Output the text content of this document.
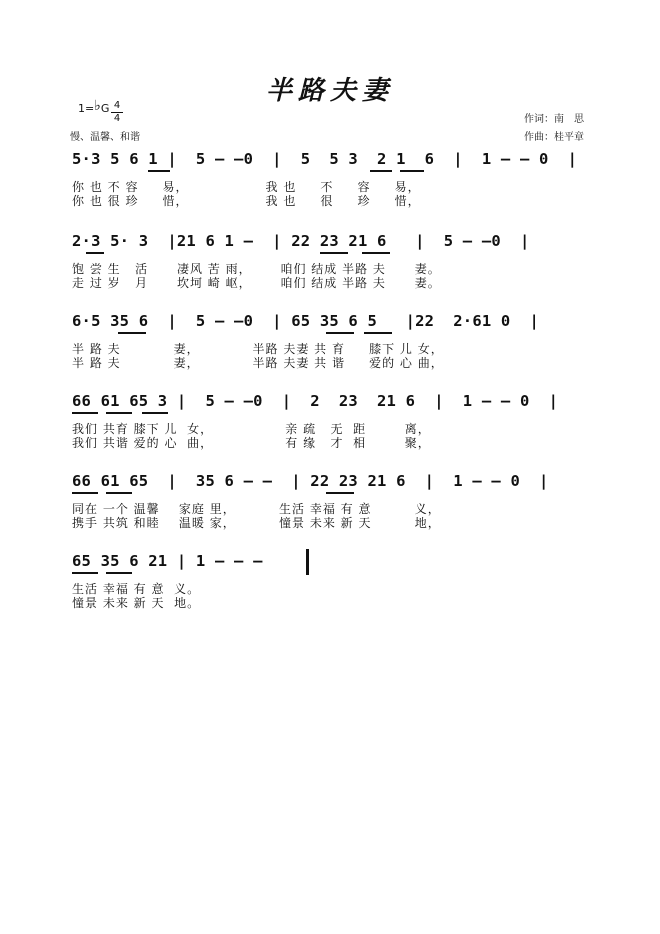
半路夫妻
1=♭G 4
4
慢、温馨、和谐
作词：南　思
作曲：桂平章
5·3 5 6 1 |  5 – –0  |  5  5 3  2 1  6  |  1 – – 0  |
你 也 不 容     易，                我 也     不     容     易，
你 也 很 珍     惜，                我 也     很     珍     惜，
2·3 5· 3  |21 6 1 –  | 22 23 21 6   |  5 – –0  |
饱 尝 生   活      凄风 苦 雨，      咱们 结成 半路 夫      妻。
走 过 岁   月      坎坷 崎 岖，      咱们 结成 半路 夫      妻。
6·5 35 6  |  5 – –0  | 65 35 6 5   |22  2·61 0  |
半 路 夫           妻，           半路 夫妻 共 育     膝下 儿 女，
半 路 夫           妻，           半路 夫妻 共 谐     爱的 心 曲，
66 61 65 3 |  5 – –0  |  2  23  21 6  |  1 – – 0  |
我们 共育 膝下 儿  女，               亲 疏   无  距        离，
我们 共谐 爱的 心  曲，               有 缘   才  相        聚，
66 61 65  |  35 6 – –  | 22 23 21 6  |  1 – – 0  |
同在 一个 温馨    家庭 里，         生活 幸福 有 意         义，
携手 共筑 和睦    温暖 家，         憧景 未来 新 天         地，
65 35 6 21 | 1 – – –
生活 幸福 有 意  义。
憧景 未来 新 天  地。
